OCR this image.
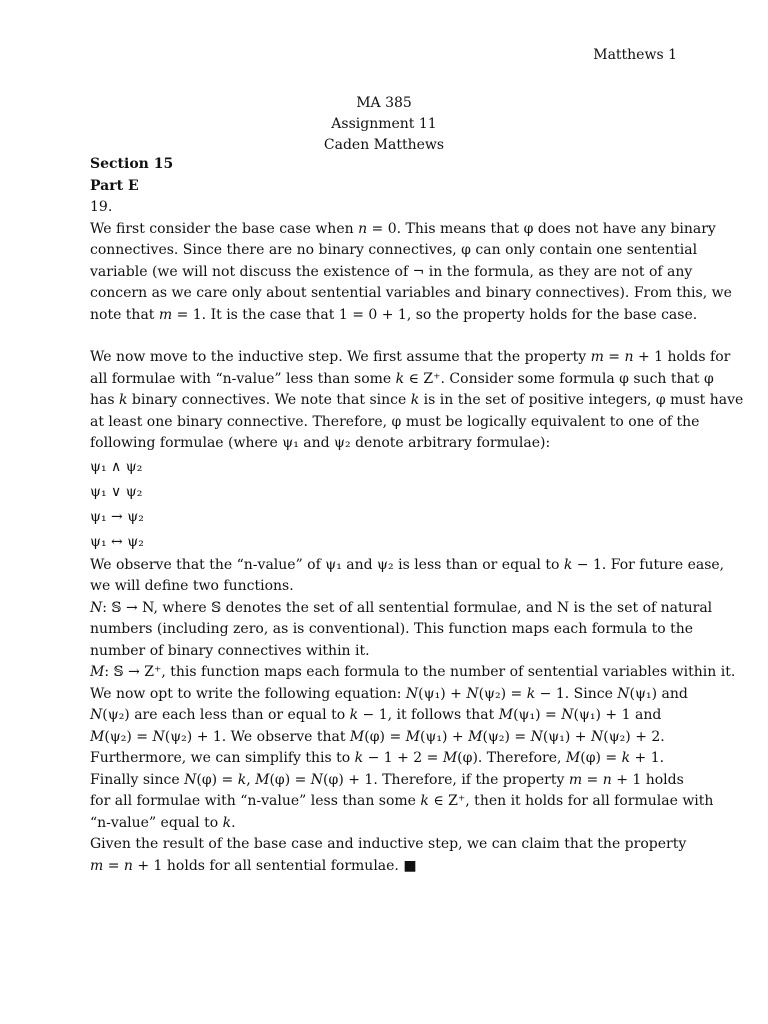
Matthews 1
MA 385
Assignment 11
Caden Matthews
Section 15
Part E
19.
We first consider the base case when 𝑛 = 0. This means that φ does not have any binary
connectives. Since there are no binary connectives, φ can only contain one sentential
variable (we will not discuss the existence of ¬ in the formula, as they are not of any
concern as we care only about sentential variables and binary connectives). From this, we
note that 𝑚 = 1. It is the case that 1 = 0 + 1, so the property holds for the base case.
We now move to the inductive step. We first assume that the property 𝑚 = 𝑛 + 1 holds for
all formulae with “n-value” less than some 𝑘 ∈ Z⁺. Consider some formula φ such that φ
has 𝑘 binary connectives. We note that since 𝑘 is in the set of positive integers, φ must have
at least one binary connective. Therefore, φ must be logically equivalent to one of the
following formulae (where ψ₁ and ψ₂ denote arbitrary formulae):
ψ₁ ∧ ψ₂
ψ₁ ∨ ψ₂
ψ₁ → ψ₂
ψ₁ ↔ ψ₂
We observe that the “n-value” of ψ₁ and ψ₂ is less than or equal to 𝑘 − 1. For future ease,
we will define two functions.
𝑁: 𝕊 → N, where 𝕊 denotes the set of all sentential formulae, and N is the set of natural
numbers (including zero, as is conventional). This function maps each formula to the
number of binary connectives within it.
𝑀: 𝕊 → Z⁺, this function maps each formula to the number of sentential variables within it.
We now opt to write the following equation: 𝑁(ψ₁) + 𝑁(ψ₂) = 𝑘 − 1. Since 𝑁(ψ₁) and
𝑁(ψ₂) are each less than or equal to 𝑘 − 1, it follows that 𝑀(ψ₁) = 𝑁(ψ₁) + 1 and
𝑀(ψ₂) = 𝑁(ψ₂) + 1. We observe that 𝑀(φ) = 𝑀(ψ₁) + 𝑀(ψ₂) = 𝑁(ψ₁) + 𝑁(ψ₂) + 2.
Furthermore, we can simplify this to 𝑘 − 1 + 2 = 𝑀(φ). Therefore, 𝑀(φ) = 𝑘 + 1.
Finally since 𝑁(φ) = 𝑘, 𝑀(φ) = 𝑁(φ) + 1. Therefore, if the property 𝑚 = 𝑛 + 1 holds
for all formulae with “n-value” less than some 𝑘 ∈ Z⁺, then it holds for all formulae with
“n-value” equal to 𝑘.
Given the result of the base case and inductive step, we can claim that the property
𝑚 = 𝑛 + 1 holds for all sentential formulae. ■
